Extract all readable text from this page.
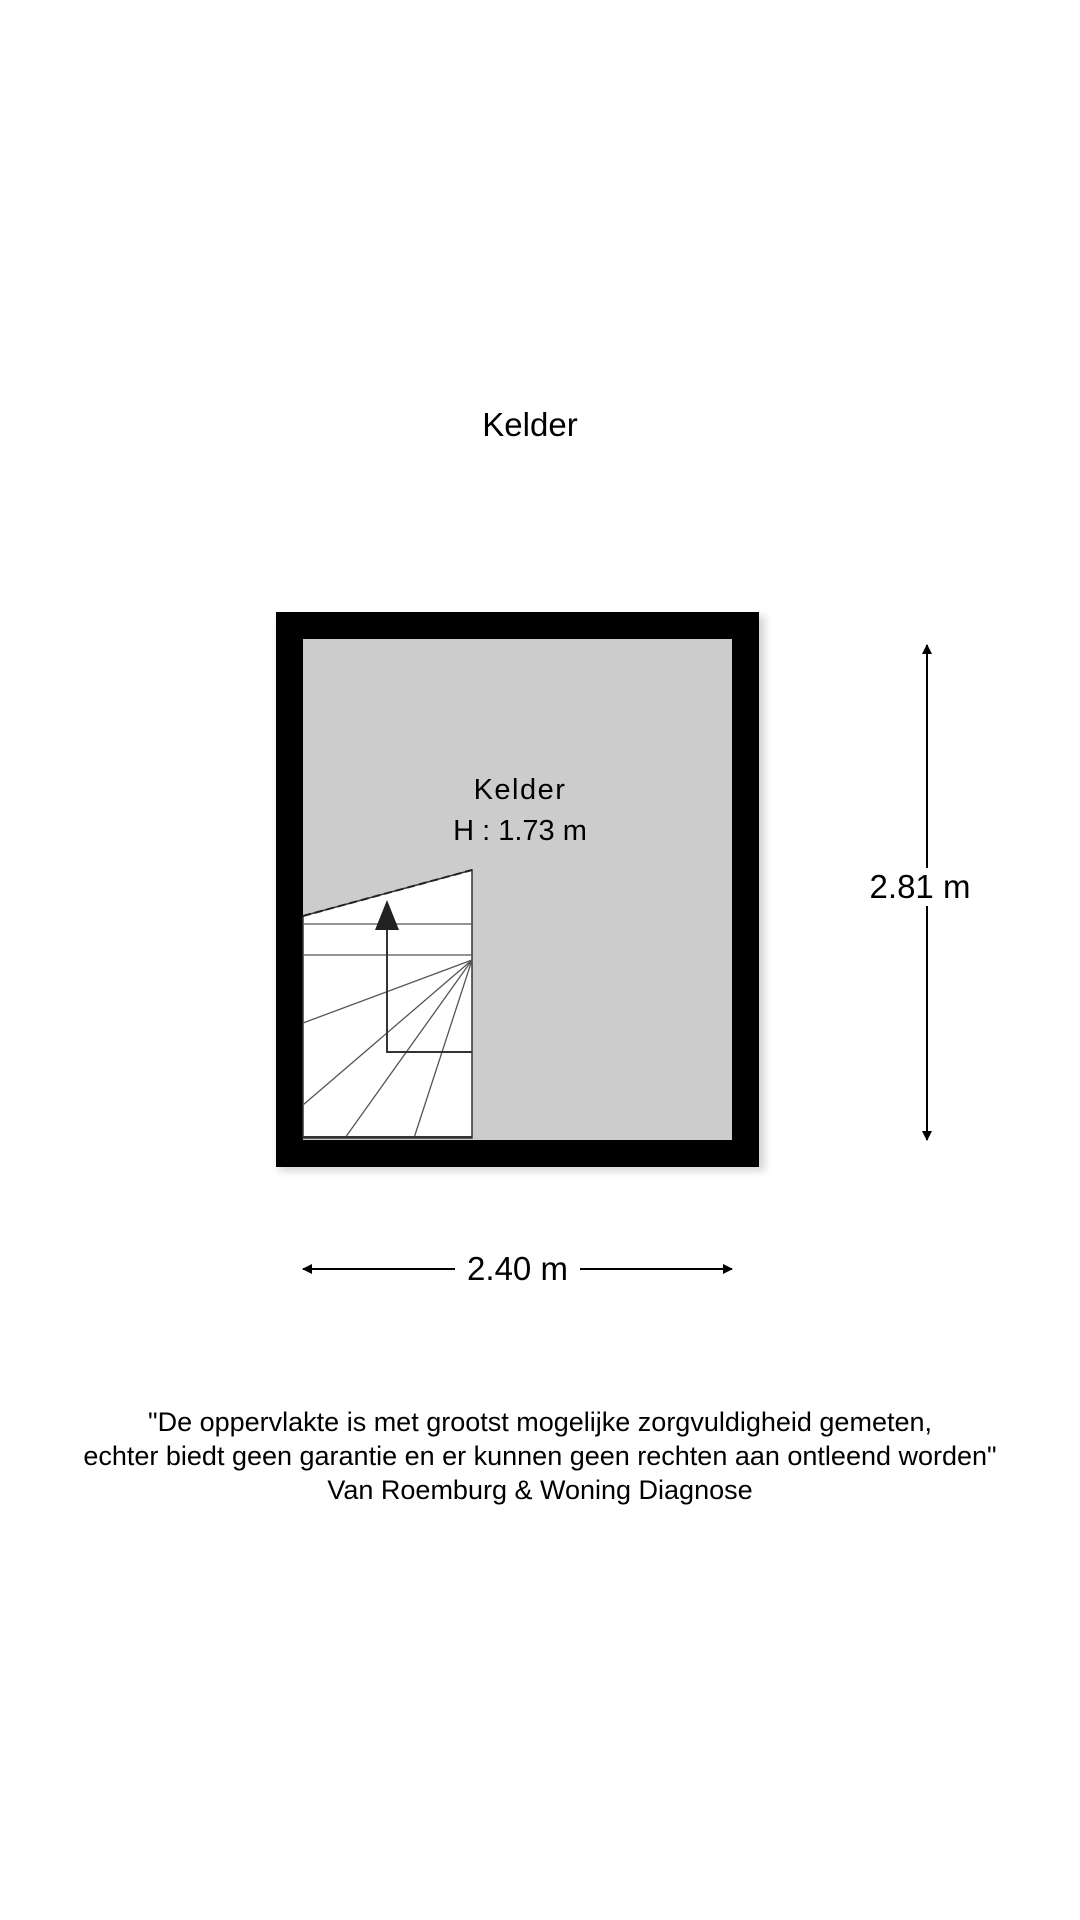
Kelder
Kelder
H : 1.73 m
2.81 m
2.40 m
"De oppervlakte is met grootst mogelijke zorgvuldigheid gemeten,
echter biedt geen garantie en er kunnen geen rechten aan ontleend worden"
Van Roemburg & Woning Diagnose
